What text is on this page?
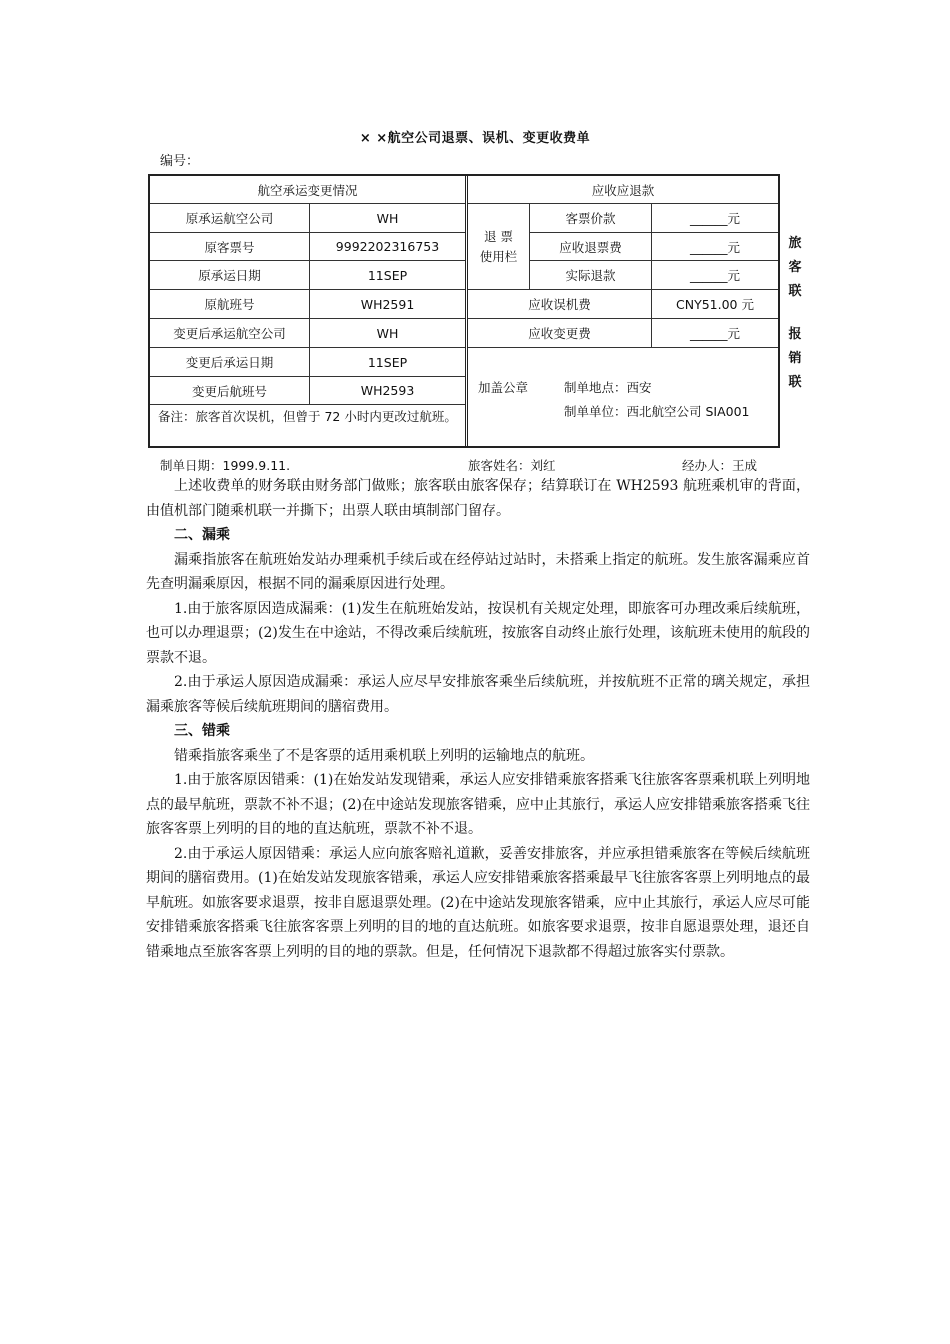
× ×航空公司退票、误机、变更收费单
编号：
航空承运变更情况
原承运航空公司	WH
原客票号	9992202316753
原承运日期	11SEP
原航班号	WH2591
变更后承运航空公司	WH
变更后承运日期	11SEP
变更后航班号	WH2593
备注：旅客首次误机，但曾于 72 小时内更改过航班。
应收应退款
退 票
使用栏
客票价款	______元
应收退票费	______元
实际退款	______元
应收误机费	CNY51.00 元
应收变更费	______元
加盖公章	制单地点：西安
制单单位：西北航空公司 SIA001
旅
客
联
报
销
联
制单日期：1999.9.11.	旅客姓名：刘红	经办人：王成

上述收费单的财务联由财务部门做账；旅客联由旅客保存；结算联订在 WH2593 航班乘机审的背面，由值机部门随乘机联一并撕下；出票人联由填制部门留存。

二、漏乘

漏乘指旅客在航班始发站办理乘机手续后或在经停站过站时，未搭乘上指定的航班。发生旅客漏乘应首先查明漏乘原因，根据不同的漏乘原因进行处理。

1.由于旅客原因造成漏乘：(1)发生在航班始发站，按误机有关规定处理，即旅客可办理改乘后续航班，也可以办理退票；(2)发生在中途站，不得改乘后续航班，按旅客自动终止旅行处理，该航班未使用的航段的票款不退。

2.由于承运人原因造成漏乘：承运人应尽早安排旅客乘坐后续航班，并按航班不正常的璃关规定，承担漏乘旅客等候后续航班期间的膳宿费用。

三、错乘

错乘指旅客乘坐了不是客票的适用乘机联上列明的运输地点的航班。

1.由于旅客原因错乘：(1)在始发站发现错乘，承运人应安排错乘旅客搭乘飞往旅客客票乘机联上列明地点的最早航班，票款不补不退；(2)在中途站发现旅客错乘，应中止其旅行，承运人应安排错乘旅客搭乘飞往旅客客票上列明的目的地的直达航班，票款不补不退。

2.由于承运人原因错乘：承运人应向旅客赔礼道歉，妥善安排旅客，并应承担错乘旅客在等候后续航班期间的膳宿费用。(1)在始发站发现旅客错乘，承运人应安排错乘旅客搭乘最早飞往旅客客票上列明地点的最早航班。如旅客要求退票，按非自愿退票处理。(2)在中途站发现旅客错乘，应中止其旅行，承运人应尽可能安排错乘旅客搭乘飞往旅客客票上列明的目的地的直达航班。如旅客要求退票，按非自愿退票处理，退还自错乘地点至旅客客票上列明的目的地的票款。但是，任何情况下退款都不得超过旅客实付票款。
